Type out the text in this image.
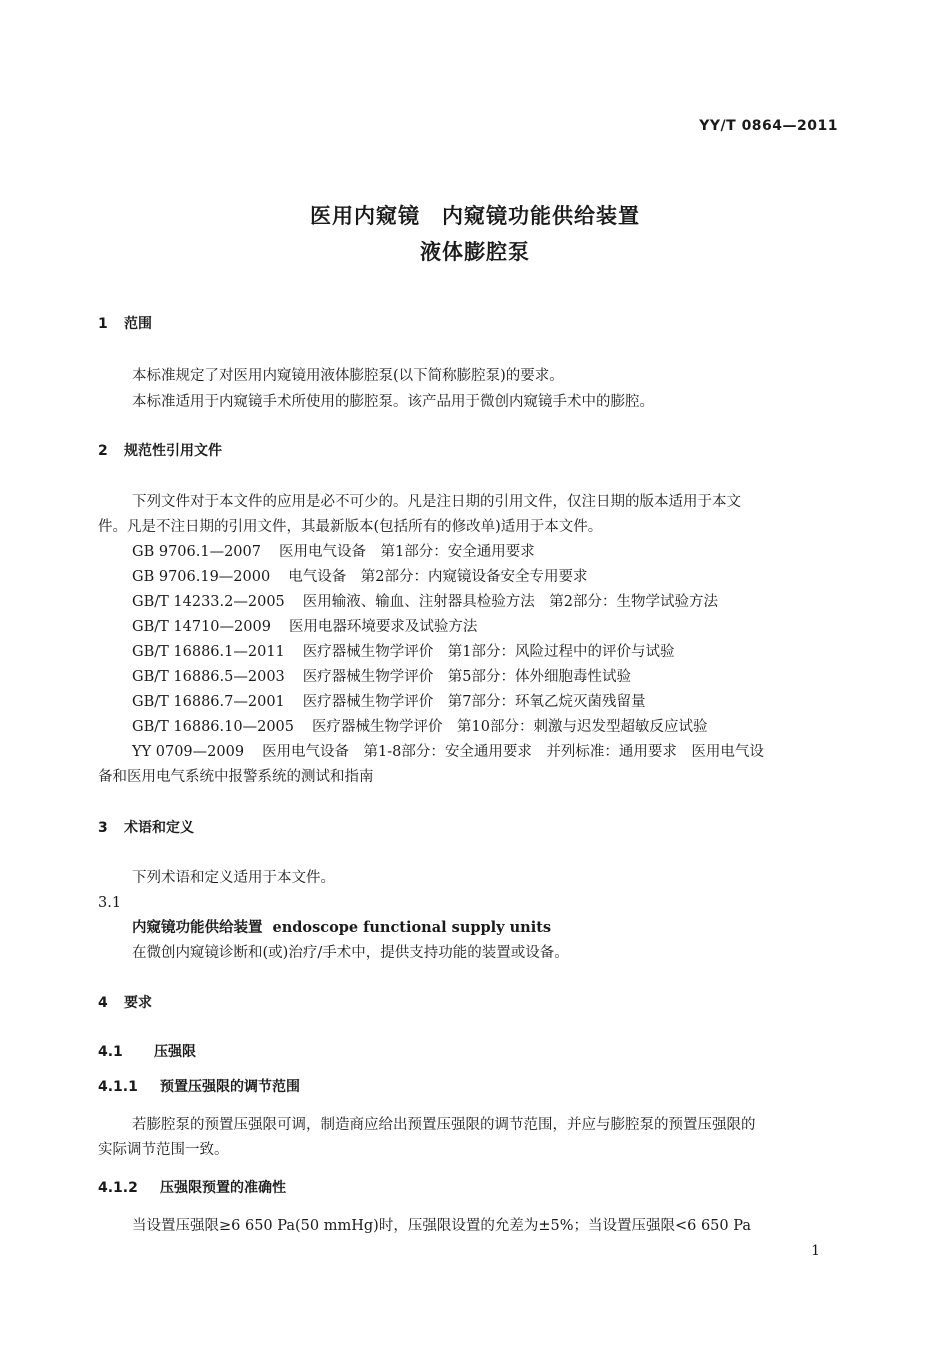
YY/T 0864—2011
医用内窥镜　内窥镜功能供给装置
液体膨腔泵
1 范围
本标准规定了对医用内窥镜用液体膨腔泵(以下简称膨腔泵)的要求。
本标准适用于内窥镜手术所使用的膨腔泵。该产品用于微创内窥镜手术中的膨腔。
2 规范性引用文件
下列文件对于本文件的应用是必不可少的。凡是注日期的引用文件，仅注日期的版本适用于本文
件。凡是不注日期的引用文件，其最新版本(包括所有的修改单)适用于本文件。
GB 9706.1—2007 医用电气设备　第1部分：安全通用要求
GB 9706.19—2000 电气设备　第2部分：内窥镜设备安全专用要求
GB/T 14233.2—2005 医用输液、输血、注射器具检验方法　第2部分：生物学试验方法
GB/T 14710—2009 医用电器环境要求及试验方法
GB/T 16886.1—2011 医疗器械生物学评价　第1部分：风险过程中的评价与试验
GB/T 16886.5—2003 医疗器械生物学评价　第5部分：体外细胞毒性试验
GB/T 16886.7—2001 医疗器械生物学评价　第7部分：环氧乙烷灭菌残留量
GB/T 16886.10—2005 医疗器械生物学评价　第10部分：刺激与迟发型超敏反应试验
YY 0709—2009 医用电气设备　第1-8部分：安全通用要求　并列标准：通用要求　医用电气设
备和医用电气系统中报警系统的测试和指南
3 术语和定义
下列术语和定义适用于本文件。
3.1
内窥镜功能供给装置 endoscope functional supply units
在微创内窥镜诊断和(或)治疗/手术中，提供支持功能的装置或设备。
4 要求
4.1 压强限
4.1.1 预置压强限的调节范围
若膨腔泵的预置压强限可调，制造商应给出预置压强限的调节范围，并应与膨腔泵的预置压强限的
实际调节范围一致。
4.1.2 压强限预置的准确性
当设置压强限≥6 650 Pa(50 mmHg)时，压强限设置的允差为±5%；当设置压强限<6 650 Pa
1
